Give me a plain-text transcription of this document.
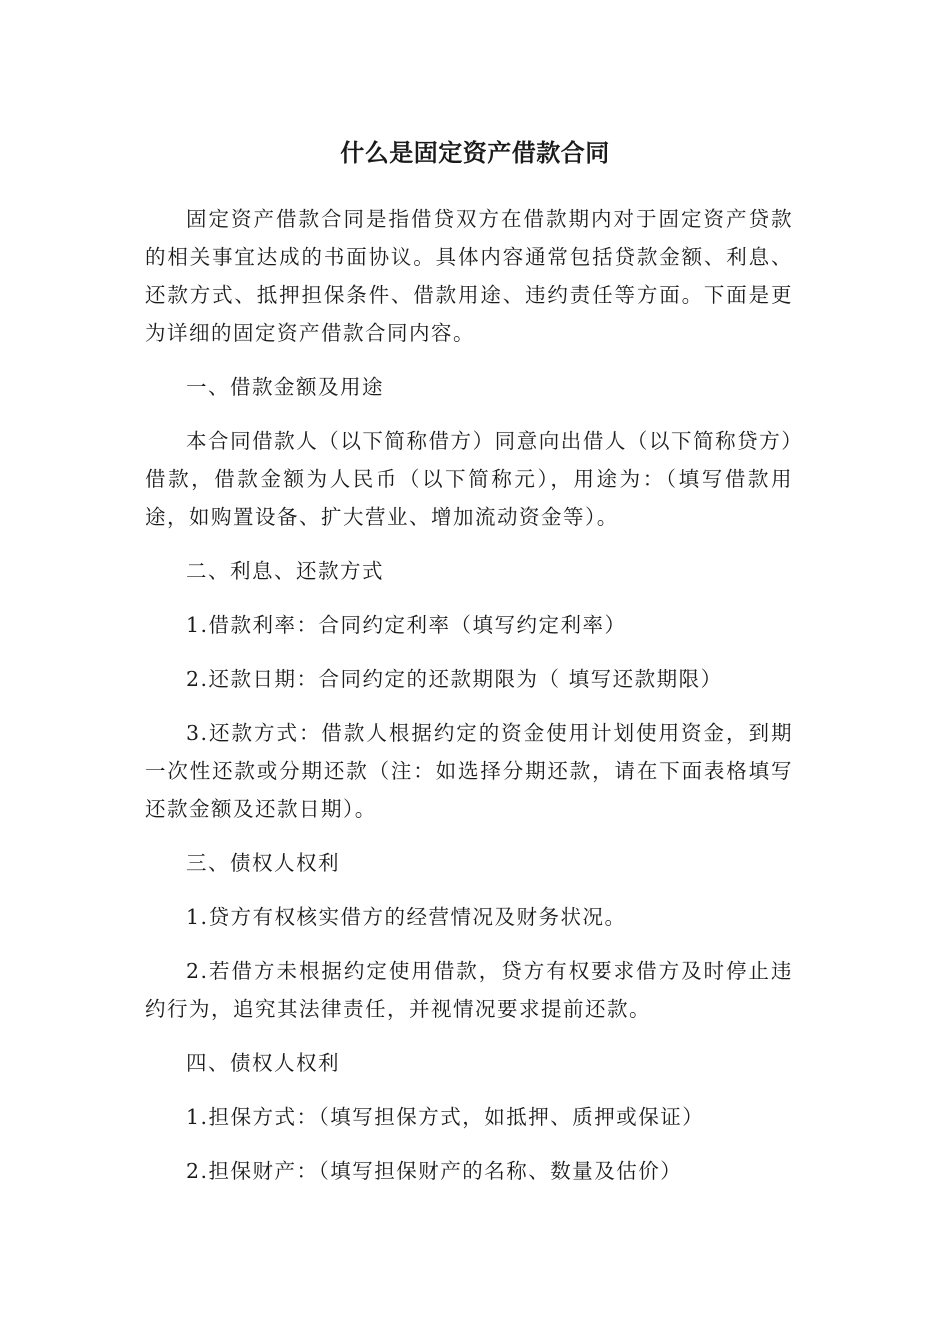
什么是固定资产借款合同

固定资产借款合同是指借贷双方在借款期内对于固定资产贷款的相关事宜达成的书面协议。具体内容通常包括贷款金额、利息、还款方式、抵押担保条件、借款用途、违约责任等方面。下面是更为详细的固定资产借款合同内容。

一、借款金额及用途

本合同借款人（以下简称借方）同意向出借人（以下简称贷方）借款，借款金额为人民币（以下简称元），用途为：（填写借款用途，如购置设备、扩大营业、增加流动资金等）。

二、利息、还款方式

1.借款利率：合同约定利率（填写约定利率）

2.还款日期：合同约定的还款期限为（ 填写还款期限）

3.还款方式：借款人根据约定的资金使用计划使用资金，到期一次性还款或分期还款（注：如选择分期还款，请在下面表格填写还款金额及还款日期）。

三、债权人权利

1.贷方有权核实借方的经营情况及财务状况。

2.若借方未根据约定使用借款，贷方有权要求借方及时停止违约行为，追究其法律责任，并视情况要求提前还款。

四、债权人权利

1.担保方式：（填写担保方式，如抵押、质押或保证）

2.担保财产：（填写担保财产的名称、数量及估价）
